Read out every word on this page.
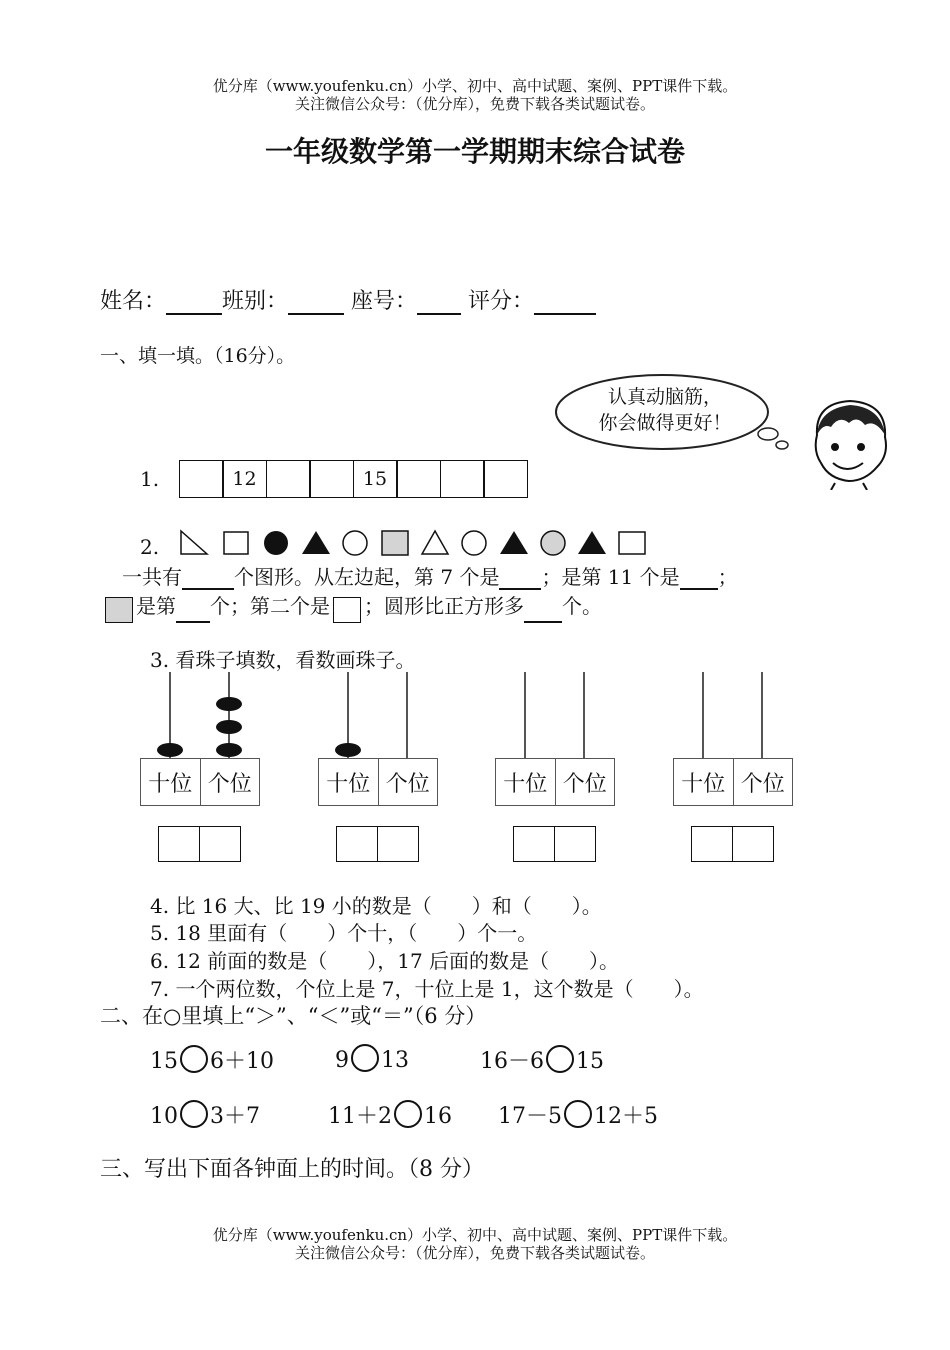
优分库（www.youfenku.cn）小学、初中、高中试题、案例、PPT课件下载。
关注微信公众号：（优分库），免费下载各类试题试卷。
一年级数学第一学期期末综合试卷
姓名：	班别：	座号： 评分：
一、填一填。（16分）。
认真动脑筋，
你会做得更好！
1.	12	15
2.
一共有	个图形。从左边起，第 7 个是 ；是第 11 个是 ；
是第 个；第二个是 ；圆形比正方形多 个。
3. 看珠子填数，看数画珠子。
十位 个位	十位 个位	十位 个位	十位 个位
4. 比 16 大、比 19 小的数是（　　）和（　　）。
5. 18 里面有（　　）个十，（　　）个一。
6. 12 前面的数是（　　），17 后面的数是（　　）。
7. 一个两位数，个位上是 7，十位上是 1，这个数是（　　）。
二、在○里填上“＞”、“＜”或“＝”（6 分）
15 6＋10	9 13	16－6 15
10 3＋7	11＋2 16 17－5 12＋5
三、写出下面各钟面上的时间。（8 分）
优分库（www.youfenku.cn）小学、初中、高中试题、案例、PPT课件下载。
关注微信公众号：（优分库），免费下载各类试题试卷。
